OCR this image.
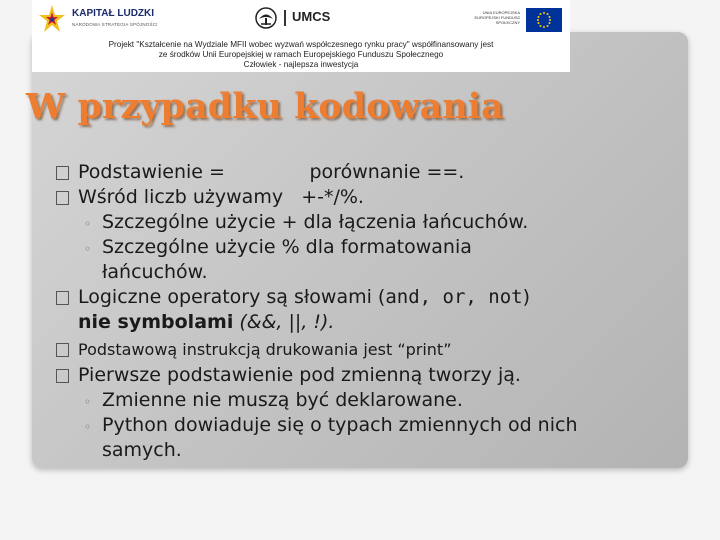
KAPITAŁ LUDZKI
NARODOWA STRATEGIA SPÓJNOŚCI
UMCS	UNIA EUROPEJSKA EUROPEJSKI FUNDUSZ SPOŁECZNY
Projekt "Kształcenie na Wydziale MFII wobec wyzwań współczesnego rynku pracy" współfinansowany jest
ze środków Unii Europejskiej w ramach Europejskiego Funduszu Społecznego
Człowiek - najlepsza inwestycja
W przypadku kodowania
Podstawienie =              porównanie ==.
Wśród liczb używamy   +-*/%.
◦ Szczególne użycie + dla łączenia łańcuchów.
◦ Szczególne użycie % dla formatowania
łańcuchów.
Logiczne operatory są słowami (and, or, not)
nie symbolami (&&, ||, !).
Podstawową instrukcją drukowania jest “print”
Pierwsze podstawienie pod zmienną tworzy ją.
◦ Zmienne nie muszą być deklarowane.
◦ Python dowiaduje się o typach zmiennych od nich
samych.
